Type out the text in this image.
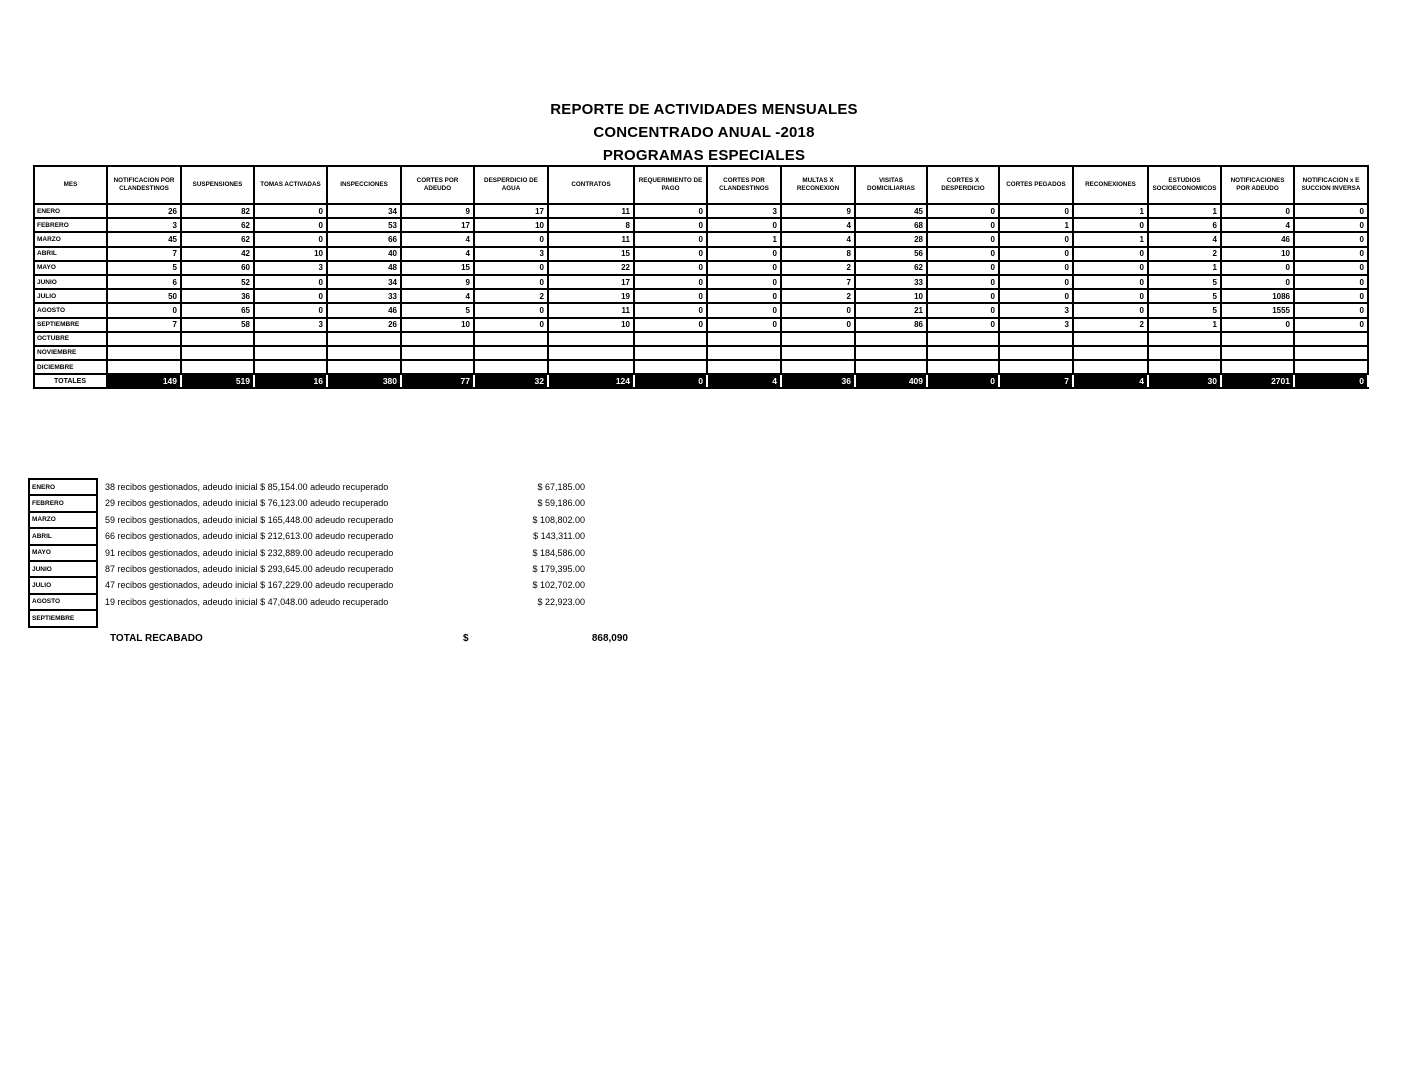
REPORTE DE ACTIVIDADES MENSUALES
CONCENTRADO ANUAL -2018
PROGRAMAS ESPECIALES
MES	NOTIFICACION POR CLANDESTINOS	SUSPENSIONES	TOMAS ACTIVADAS	INSPECCIONES	CORTES POR ADEUDO	DESPERDICIO DE AGUA	CONTRATOS	REQUERIMIENTO DE PAGO	CORTES POR CLANDESTINOS	MULTAS X RECONEXION	VISITAS DOMICILIARIAS	CORTES X DESPERDICIO	CORTES PEGADOS	RECONEXIONES	ESTUDIOS SOCIOECONOMICOS	NOTIFICACIONES POR ADEUDO	NOTIFICACION x E SUCCION INVERSA
ENERO	26	82	0	34	9	17	11	0	3	9	45	0	0	1	1	0	0
FEBRERO	3	62	0	53	17	10	8	0	0	4	68	0	1	0	6	4	0
MARZO	45	62	0	66	4	0	11	0	1	4	28	0	0	1	4	46	0
ABRIL	7	42	10	40	4	3	15	0	0	8	56	0	0	0	2	10	0
MAYO	5	60	3	48	15	0	22	0	0	2	62	0	0	0	1	0	0
JUNIO	6	52	0	34	9	0	17	0	0	7	33	0	0	0	5	0	0
JULIO	50	36	0	33	4	2	19	0	0	2	10	0	0	0	5	1086	0
AGOSTO	0	65	0	46	5	0	11	0	0	0	21	0	3	0	5	1555	0
SEPTIEMBRE	7	58	3	26	10	0	10	0	0	0	86	0	3	2	1	0	0
OCTUBRE																	
NOVIEMBRE																	
DICIEMBRE																	
TOTALES	149	519	16	380	77	32	124	0	4	36	409	0	7	4	30	2701	0
ENERO	38 recibos gestionados, adeudo inicial $ 85,154.00 adeudo recuperado	$ 67,185.00
FEBRERO	29 recibos gestionados, adeudo inicial $ 76,123.00 adeudo recuperado	$ 59,186.00
MARZO	59 recibos gestionados, adeudo inicial $ 165,448.00 adeudo recuperado	$ 108,802.00
ABRIL	66 recibos gestionados, adeudo inicial $ 212,613.00 adeudo recuperado	$ 143,311.00
MAYO	91 recibos gestionados, adeudo inicial $ 232,889.00 adeudo recuperado	$ 184,586.00
JUNIO	87 recibos gestionados, adeudo inicial $ 293,645.00 adeudo recuperado	$ 179,395.00
JULIO	47 recibos gestionados, adeudo inicial $ 167,229.00 adeudo recuperado	$ 102,702.00
AGOSTO	19 recibos gestionados, adeudo inicial $ 47,048.00 adeudo recuperado	$ 22,923.00
SEPTIEMBRE
TOTAL RECABADO	$	868,090
